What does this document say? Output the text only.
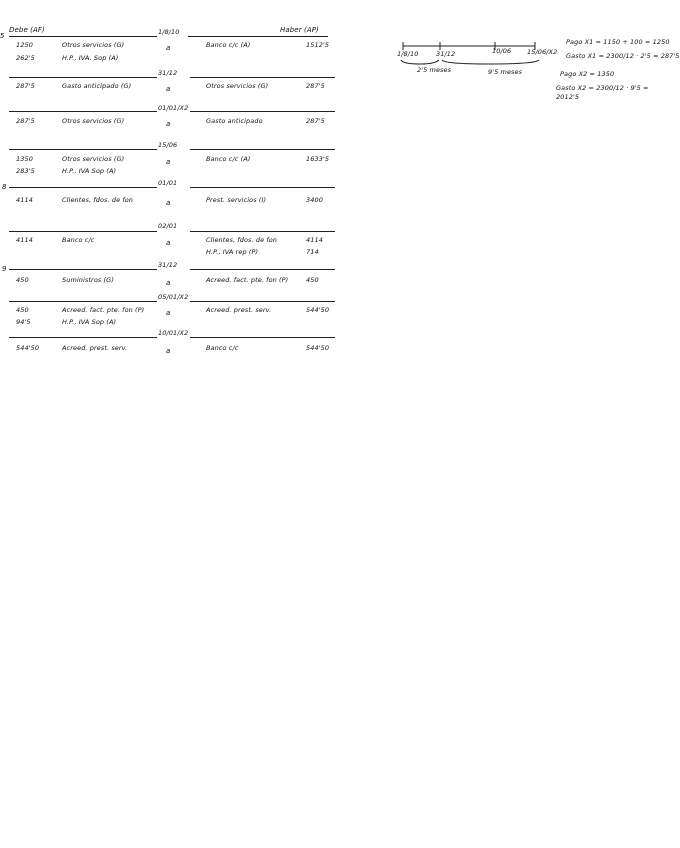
5
Debe (AF)	Haber (AP)
1/8/10
1250	Otros servicios (G)
262'5	H.P., IVA. Sop (A)
a	Banco c/c (A)	1512'5
31/12
287'5	Gasto anticipado (G)	a	Otros servicios (G)	287'5
01/01/X2
287'5	Otros servicios (G)	a	Gasto anticipado	287'5
15/06
1350	Otros servicios (G)
283'5	H.P., IVA Sop (A)
a	Banco c/c (A)	1633'5
01/01
8
4114	Clientes, fdos. de fon	a	Prest. servicios (I)	3400
02/01
4114	Banco c/c	a	Clientes, fdos. de fon	4114
H.P., IVA rep (P)	714
31/12
9
450	Suministros (G)	a	Acreed. fact. pte. fon (P)	450
05/01/X2
450	Acreed. fact. pte. fon (P)
94'5	H.P., IVA Sop (A)
a	Acreed. prest. serv.	544'50
10/01/X2
544'50	Acreed. prest. serv.	a	Banco c/c	544'50
1/8/10	31/12	10/06 15/06/X2
2'5 meses	9'5 meses
Pago X1 = 1150 + 100 = 1250
Gasto X1 = 2300/12 · 2'5 = 287'5
Pago X2 = 1350
Gasto X2 = 2300/12 · 9'5 = 2012'5
